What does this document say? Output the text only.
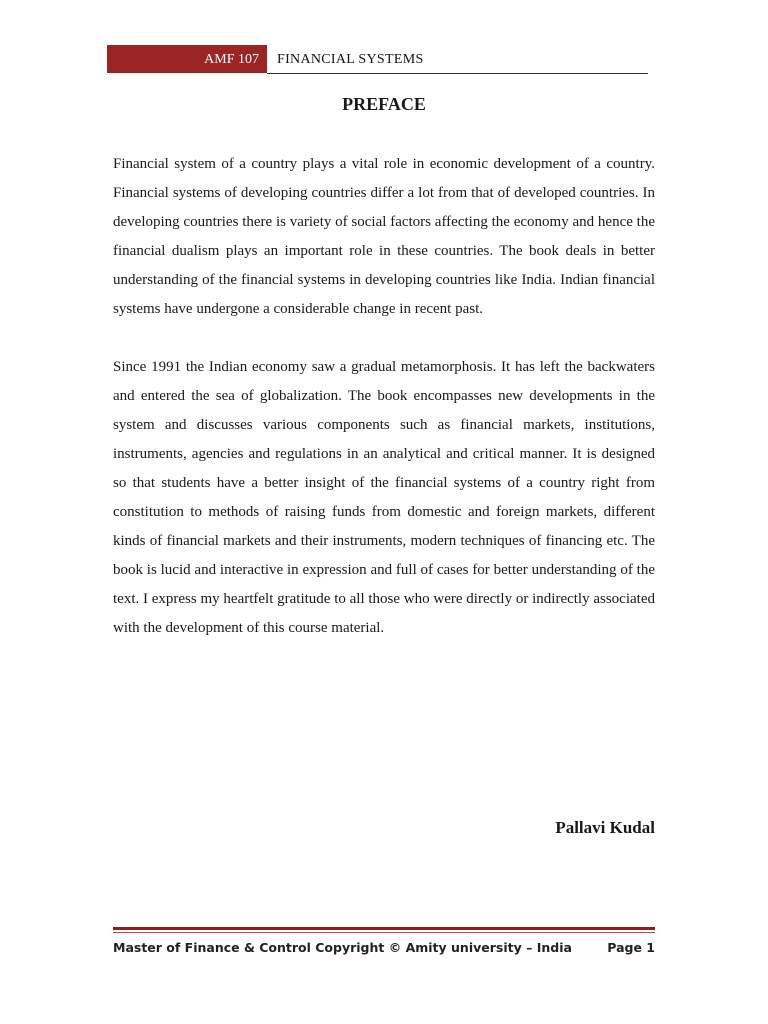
AMF 107	FINANCIAL SYSTEMS
PREFACE

Financial system of a country plays a vital role in economic development of a country. Financial systems of developing countries differ a lot from that of developed countries. In developing countries there is variety of social factors affecting the economy and hence the financial dualism plays an important role in these countries. The book deals in better understanding of the financial systems in developing countries like India. Indian financial systems have undergone a considerable change in recent past.

Since 1991 the Indian economy saw a gradual metamorphosis. It has left the backwaters and entered the sea of globalization. The book encompasses new developments in the system and discusses various components such as financial markets, institutions, instruments, agencies and regulations in an analytical and critical manner. It is designed so that students have a better insight of the financial systems of a country right from constitution to methods of raising funds from domestic and foreign markets, different kinds of financial markets and their instruments, modern techniques of financing etc. The book is lucid and interactive in expression and full of cases for better understanding of the text. I express my heartfelt gratitude to all those who were directly or indirectly associated with the development of this course material.

Pallavi Kudal
Master of Finance & Control Copyright © Amity university – India	Page 1
